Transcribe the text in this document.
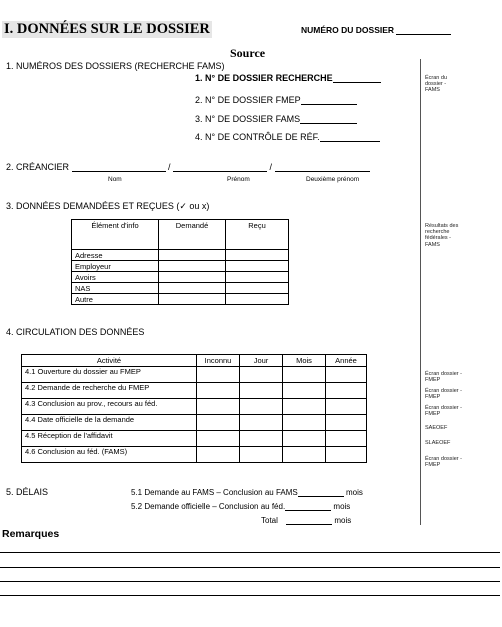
I. DONNÉES SUR LE DOSSIER	NUMÉRO DU DOSSIER
Source
1. NUMÉROS DES DOSSIERS (RECHERCHE FAMS)
1. N° DE DOSSIER RECHERCHE
2. N° DE DOSSIER FMEP
3. N° DE DOSSIER FAMS
4. N° DE CONTRÔLE DE RÉF.
2. CRÉANCIER	/	/
Nom	Prénom	Deuxième prénom
3. DONNÉES DEMANDÉES ET REÇUES (✓ ou x)
Élément d'info	Demandé	Reçu
Adresse		
Employeur		
Avoirs		
NAS		
Autre		
4. CIRCULATION DES DONNÉES
Activité	Inconnu	Jour	Mois	Année
4.1 Ouverture du dossier au FMEP				
4.2 Demande de recherche du FMEP				
4.3 Conclusion au prov., recours au féd.				
4.4 Date officielle de la demande				
4.5 Réception de l'affidavit				
4.6 Conclusion au féd. (FAMS)				
5. DÉLAIS	5.1 Demande au FAMS – Conclusion au FAMS	mois
5.2 Demande officielle – Conclusion au féd.	mois
Total	mois
Remarques
Écran du dossier - FAMS
Résultats des recherche fédérales - FAMS
Écran dossier - FMEP
Écran dossier - FMEP
Écran dossier - FMEP
SAEOEF
SLAEOEF
Écran dossier - FMEP
